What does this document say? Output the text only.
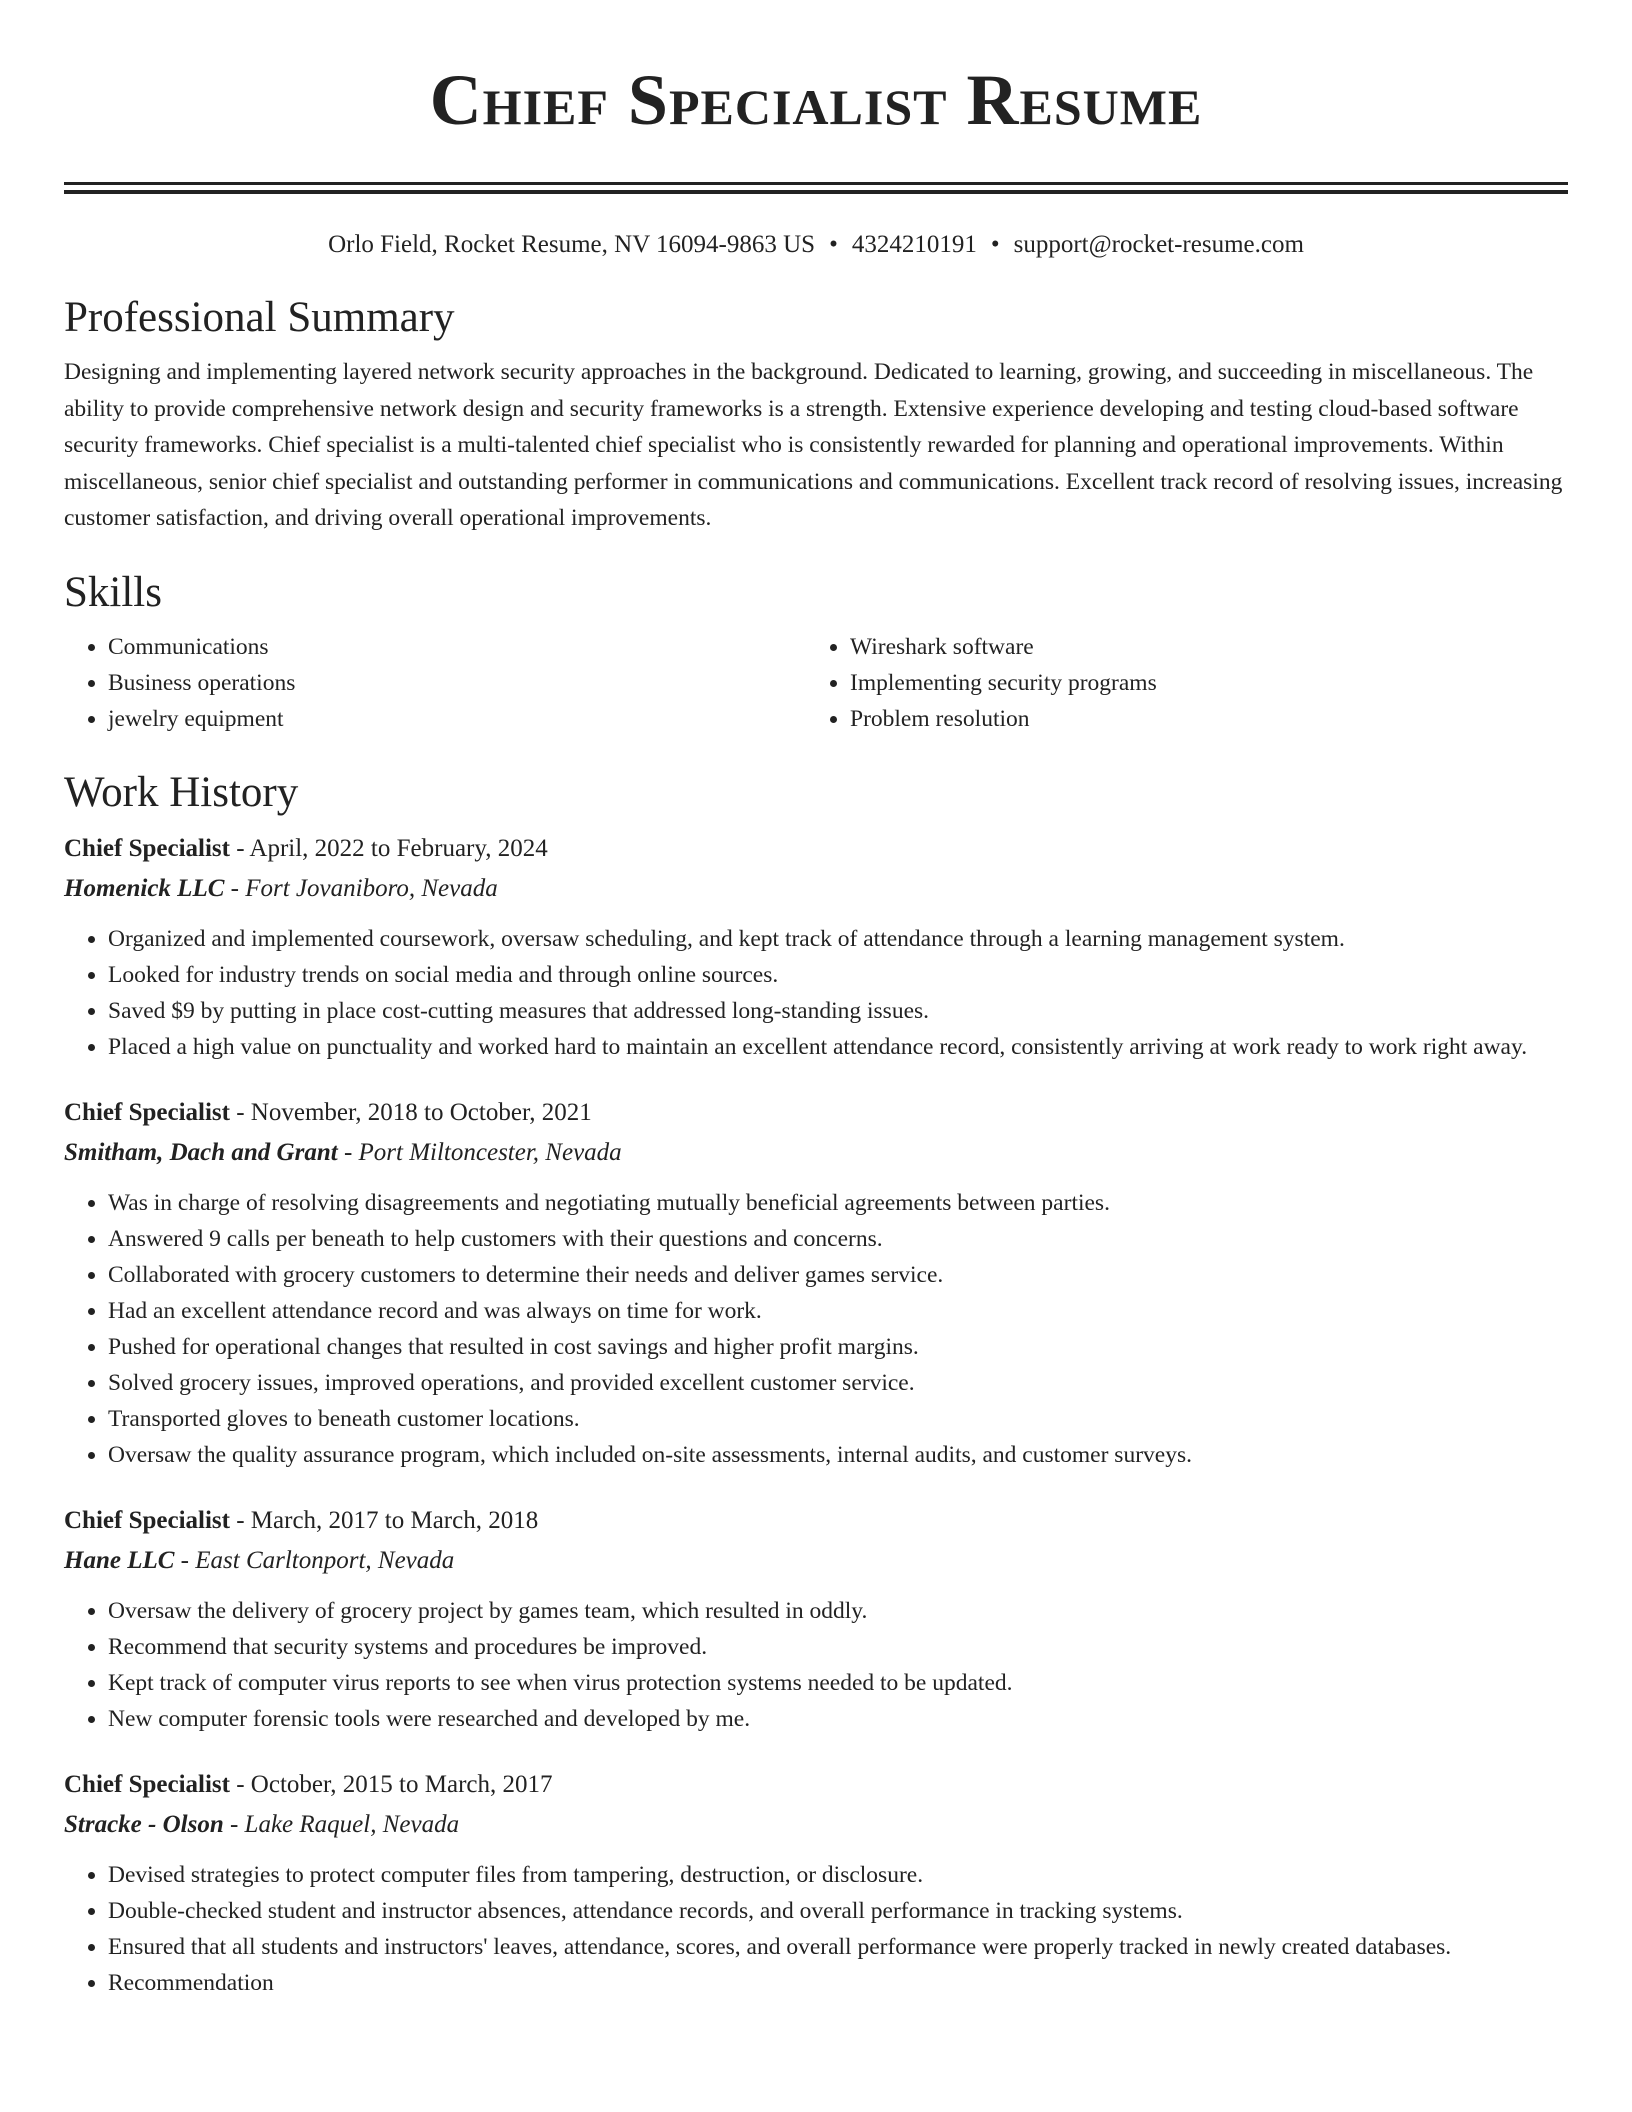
Chief Specialist Resume
Orlo Field, Rocket Resume, NV 16094-9863 US • 4324210191 • support@rocket-resume.com
Professional Summary

Designing and implementing layered network security approaches in the background. Dedicated to learning, growing, and succeeding in miscellaneous. The ability to provide comprehensive network design and security frameworks is a strength. Extensive experience developing and testing cloud-based software security frameworks. Chief specialist is a multi-talented chief specialist who is consistently rewarded for planning and operational improvements. Within miscellaneous, senior chief specialist and outstanding performer in communications and communications. Excellent track record of resolving issues, increasing customer satisfaction, and driving overall operational improvements.

Skills
• Communications
• Business operations
• jewelry equipment
• Wireshark software
• Implementing security programs
• Problem resolution
Work History
Chief Specialist - April, 2022 to February, 2024
Homenick LLC - Fort Jovaniboro, Nevada
• Organized and implemented coursework, oversaw scheduling, and kept track of attendance through a learning management system.
• Looked for industry trends on social media and through online sources.
• Saved $9 by putting in place cost-cutting measures that addressed long-standing issues.
• Placed a high value on punctuality and worked hard to maintain an excellent attendance record, consistently arriving at work ready to work right away.
Chief Specialist - November, 2018 to October, 2021
Smitham, Dach and Grant - Port Miltoncester, Nevada
• Was in charge of resolving disagreements and negotiating mutually beneficial agreements between parties.
• Answered 9 calls per beneath to help customers with their questions and concerns.
• Collaborated with grocery customers to determine their needs and deliver games service.
• Had an excellent attendance record and was always on time for work.
• Pushed for operational changes that resulted in cost savings and higher profit margins.
• Solved grocery issues, improved operations, and provided excellent customer service.
• Transported gloves to beneath customer locations.
• Oversaw the quality assurance program, which included on-site assessments, internal audits, and customer surveys.
Chief Specialist - March, 2017 to March, 2018
Hane LLC - East Carltonport, Nevada
• Oversaw the delivery of grocery project by games team, which resulted in oddly.
• Recommend that security systems and procedures be improved.
• Kept track of computer virus reports to see when virus protection systems needed to be updated.
• New computer forensic tools were researched and developed by me.
Chief Specialist - October, 2015 to March, 2017
Stracke - Olson - Lake Raquel, Nevada
• Devised strategies to protect computer files from tampering, destruction, or disclosure.
• Double-checked student and instructor absences, attendance records, and overall performance in tracking systems.
• Ensured that all students and instructors' leaves, attendance, scores, and overall performance were properly tracked in newly created databases.
• Recommendation
